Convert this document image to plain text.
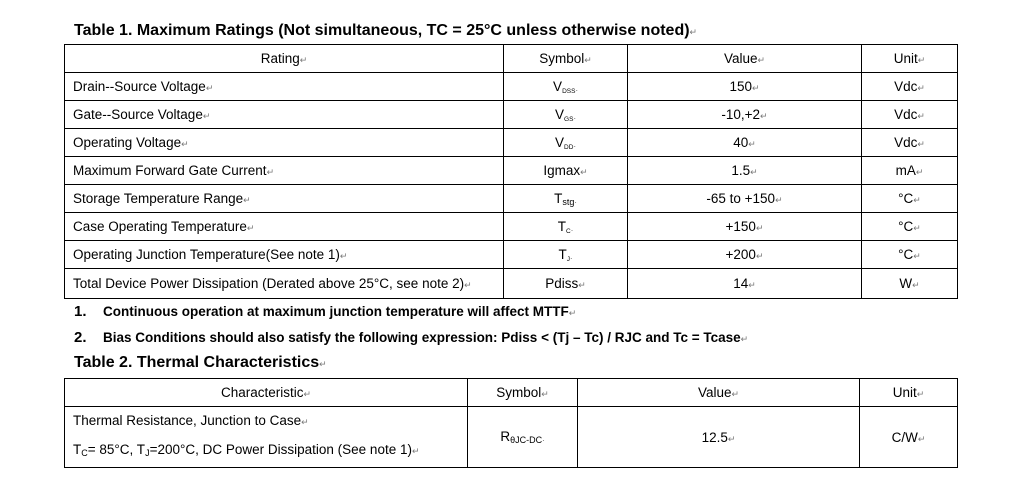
Table 1. Maximum Ratings (Not simultaneous, TC = 25°C unless otherwise noted)↵
Rating↵	Symbol↵	Value↵	Unit↵
Drain--Source Voltage↵	VDSS.	150↵	Vdc↵
Gate--Source Voltage↵	VGS.	-10,+2↵	Vdc↵
Operating Voltage↵	VDD.	40↵	Vdc↵
Maximum Forward Gate Current↵	Igmax↵	1.5↵	mA↵
Storage Temperature Range↵	Tstg.	-65 to +150↵	°C↵
Case Operating Temperature↵	TC.	+150↵	°C↵
Operating Junction Temperature(See note 1)↵	TJ.	+200↵	°C↵
Total Device Power Dissipation (Derated above 25°C, see note 2)↵	Pdiss↵	14↵	W↵
1. Continuous operation at maximum junction temperature will affect MTTF↵
2. Bias Conditions should also satisfy the following expression: Pdiss < (Tj – Tc) / RJC and Tc = Tcase↵
Table 2. Thermal Characteristics↵
Characteristic↵	Symbol↵	Value↵	Unit↵

Thermal Resistance, Junction to Case↵
TC= 85°C, TJ=200°C, DC Power Dissipation (See note 1)↵	RθJC-DC.	12.5↵	C/W↵
